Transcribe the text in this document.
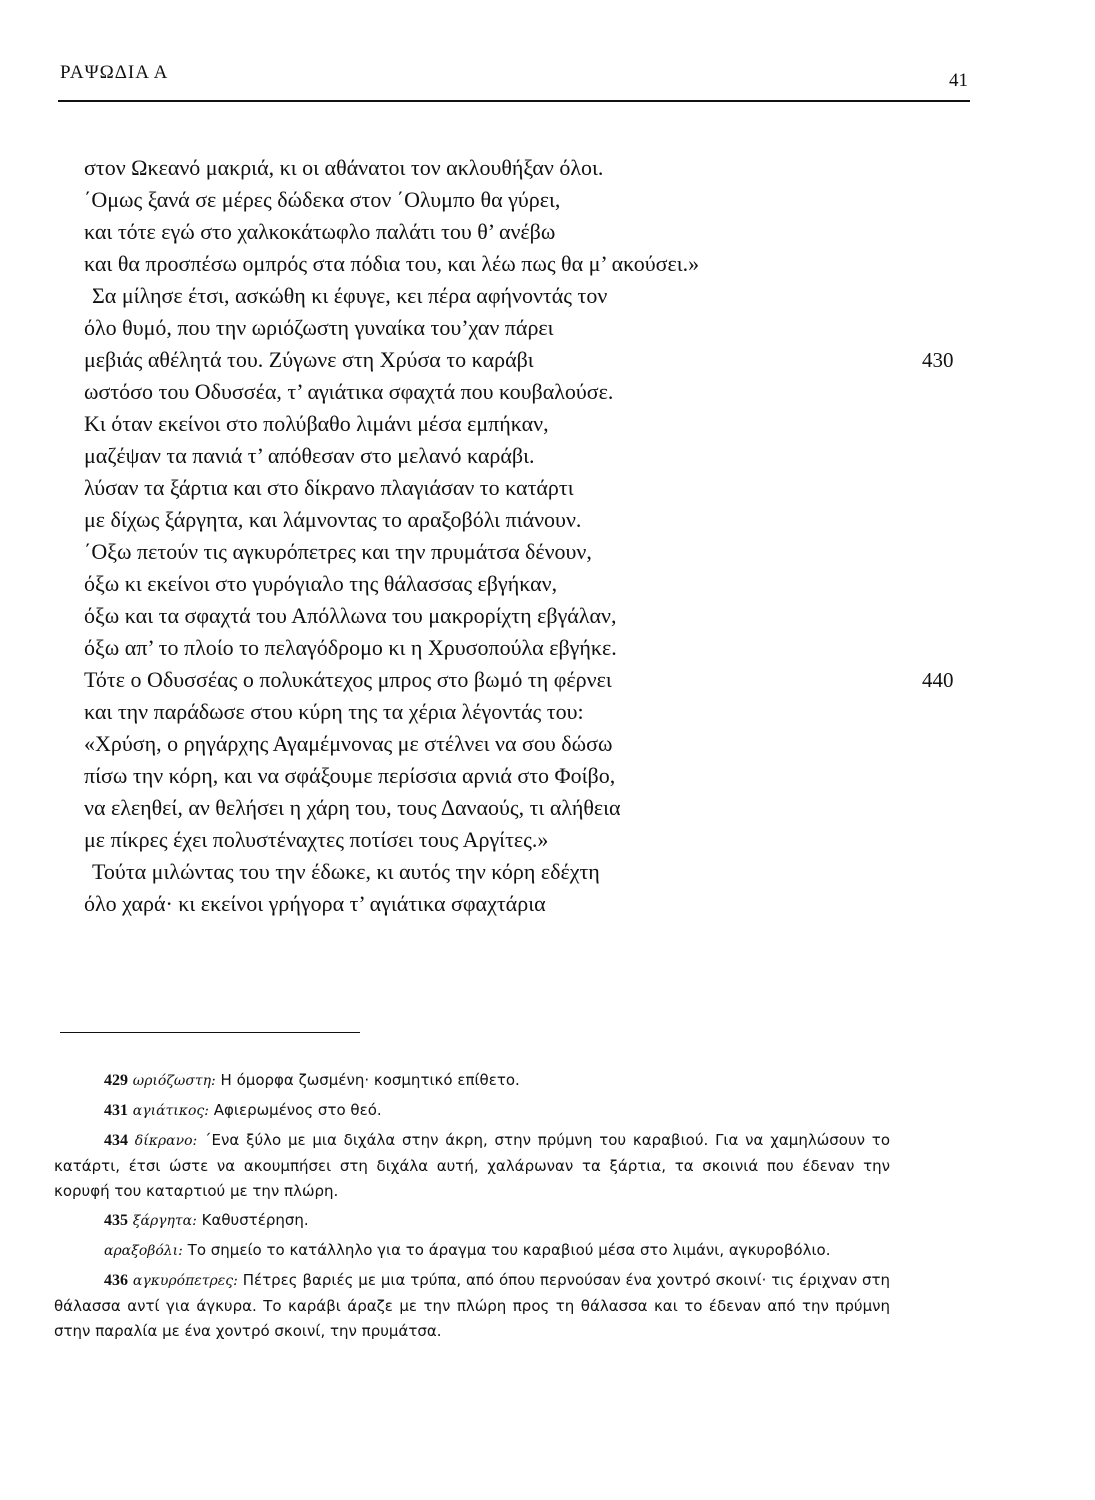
ΡΑΨΩΔΙΑ Α	41
στον Ωκεανό μακριά, κι οι αθάνατοι τον ακλουθήξαν όλοι.
΄Ομως ξανά σε μέρες δώδεκα στον ΄Ολυμπο θα γύρει,
και τότε εγώ στο χαλκοκάτωφλο παλάτι του θ’ ανέβω
και θα προσπέσω ομπρός στα πόδια του, και λέω πως θα μ’ ακούσει.»
Σα μίλησε έτσι, ασκώθη κι έφυγε, κει πέρα αφήνοντάς τον
όλο θυμό, που την ωριόζωστη γυναίκα του’χαν πάρει
μεβιάς αθέλητά του. Ζύγωνε στη Χρύσα το καράβι	430
ωστόσο του Οδυσσέα, τ’ αγιάτικα σφαχτά που κουβαλούσε.
Κι όταν εκείνοι στο πολύβαθο λιμάνι μέσα εμπήκαν,
μαζέψαν τα πανιά τ’ απόθεσαν στο μελανό καράβι.
λύσαν τα ξάρτια και στο δίκρανο πλαγιάσαν το κατάρτι
με δίχως ξάργητα, και λάμνοντας το αραξοβόλι πιάνουν.
΄Οξω πετούν τις αγκυρόπετρες και την πρυμάτσα δένουν,
όξω κι εκείνοι στο γυρόγιαλο της θάλασσας εβγήκαν,
όξω και τα σφαχτά του Απόλλωνα του μακρορίχτη εβγάλαν,
όξω απ’ το πλοίο το πελαγόδρομο κι η Χρυσοπούλα εβγήκε.
Τότε ο Οδυσσέας ο πολυκάτεχος μπρος στο βωμό τη φέρνει	440
και την παράδωσε στου κύρη της τα χέρια λέγοντάς του:
«Χρύση, ο ρηγάρχης Αγαμέμνονας με στέλνει να σου δώσω
πίσω την κόρη, και να σφάξουμε περίσσια αρνιά στο Φοίβο,
να ελεηθεί, αν θελήσει η χάρη του, τους Δαναούς, τι αλήθεια
με πίκρες έχει πολυστέναχτες ποτίσει τους Αργίτες.»
Τούτα μιλώντας του την έδωκε, κι αυτός την κόρη εδέχτη
όλο χαρά· κι εκείνοι γρήγορα τ’ αγιάτικα σφαχτάρια

429 ωριόζωστη: Η όμορφα ζωσμένη· κοσμητικό επίθετο.

431 αγιάτικος: Αφιερωμένος στο θεό.

434 δίκρανο: ΄Ενα ξύλο με μια διχάλα στην άκρη, στην πρύμνη του καραβιού. Για να χαμηλώσουν το κατάρτι, έτσι ώστε να ακουμπήσει στη διχάλα αυτή, χαλάρωναν τα ξάρτια, τα σκοινιά που έδεναν την κορυφή του καταρτιού με την πλώρη.

435 ξάργητα: Καθυστέρηση.

αραξοβόλι: Το σημείο το κατάλληλο για το άραγμα του καραβιού μέσα στο λιμάνι, αγκυροβόλιο.

436 αγκυρόπετρες: Πέτρες βαριές με μια τρύπα, από όπου περνούσαν ένα χοντρό σκοινί· τις έριχναν στη θάλασσα αντί για άγκυρα. Το καράβι άραζε με την πλώρη προς τη θάλασσα και το έδεναν από την πρύμνη στην παραλία με ένα χοντρό σκοινί, την πρυμάτσα.
